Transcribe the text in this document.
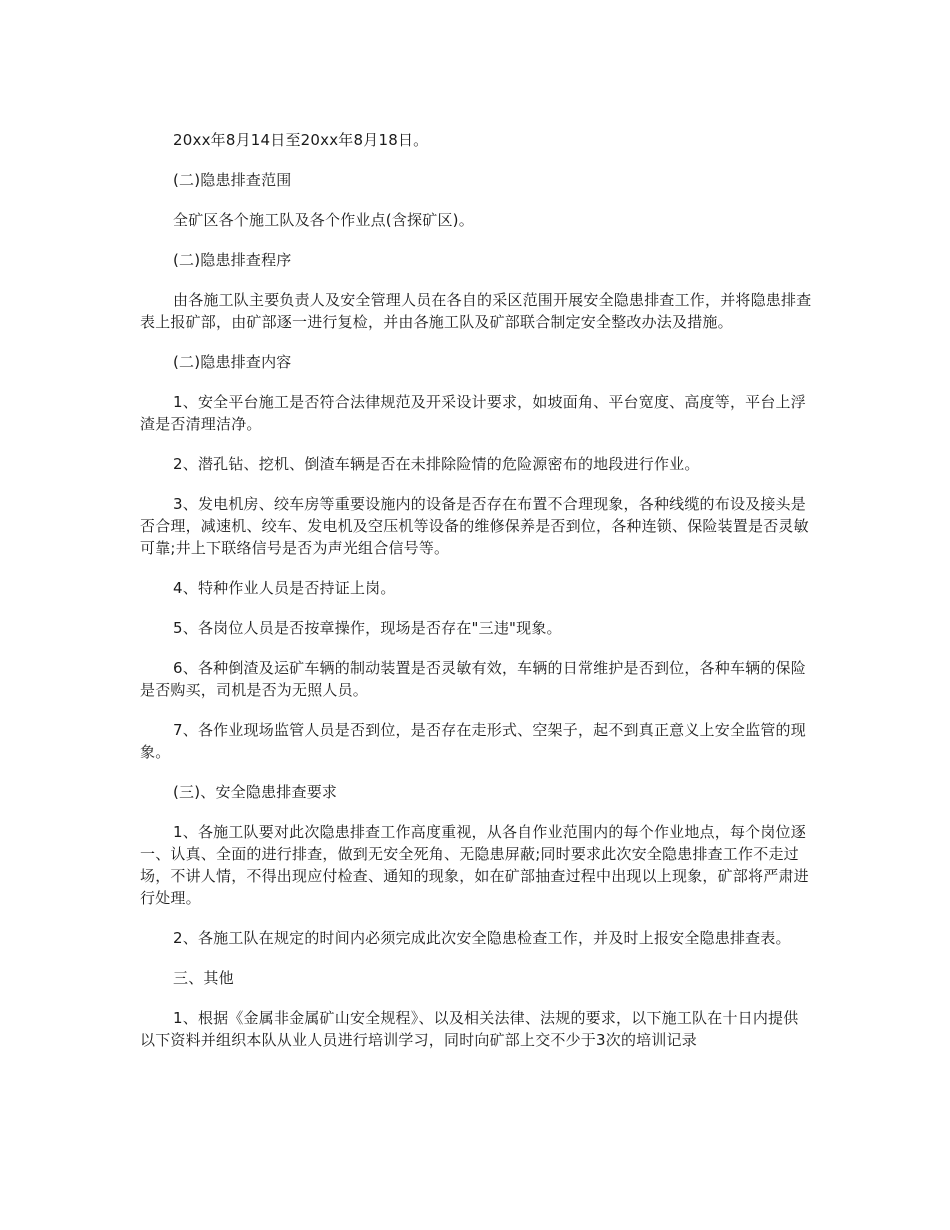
20xx年8月14日至20xx年8月18日。

(二)隐患排查范围

全矿区各个施工队及各个作业点(含探矿区)。

(二)隐患排查程序

由各施工队主要负责人及安全管理人员在各自的采区范围开展安全隐患排查工作，并将隐患排查表上报矿部，由矿部逐一进行复检，并由各施工队及矿部联合制定安全整改办法及措施。

(二)隐患排查内容

1、安全平台施工是否符合法律规范及开采设计要求，如坡面角、平台宽度、高度等，平台上浮渣是否清理洁净。

2、潜孔钻、挖机、倒渣车辆是否在未排除险情的危险源密布的地段进行作业。

3、发电机房、绞车房等重要设施内的设备是否存在布置不合理现象，各种线缆的布设及接头是否合理，减速机、绞车、发电机及空压机等设备的维修保养是否到位，各种连锁、保险装置是否灵敏可靠;井上下联络信号是否为声光组合信号等。

4、特种作业人员是否持证上岗。

5、各岗位人员是否按章操作，现场是否存在"三违"现象。

6、各种倒渣及运矿车辆的制动装置是否灵敏有效，车辆的日常维护是否到位，各种车辆的保险是否购买，司机是否为无照人员。

7、各作业现场监管人员是否到位，是否存在走形式、空架子，起不到真正意义上安全监管的现象。

(三)、安全隐患排查要求

1、各施工队要对此次隐患排查工作高度重视，从各自作业范围内的每个作业地点，每个岗位逐一、认真、全面的进行排查，做到无安全死角、无隐患屏蔽;同时要求此次安全隐患排查工作不走过场，不讲人情，不得出现应付检查、通知的现象，如在矿部抽查过程中出现以上现象，矿部将严肃进行处理。

2、各施工队在规定的时间内必须完成此次安全隐患检查工作，并及时上报安全隐患排查表。

三、其他

1、根据《金属非金属矿山安全规程》、以及相关法律、法规的要求，以下施工队在十日内提供以下资料并组织本队从业人员进行培训学习，同时向矿部上交不少于3次的培训记录
